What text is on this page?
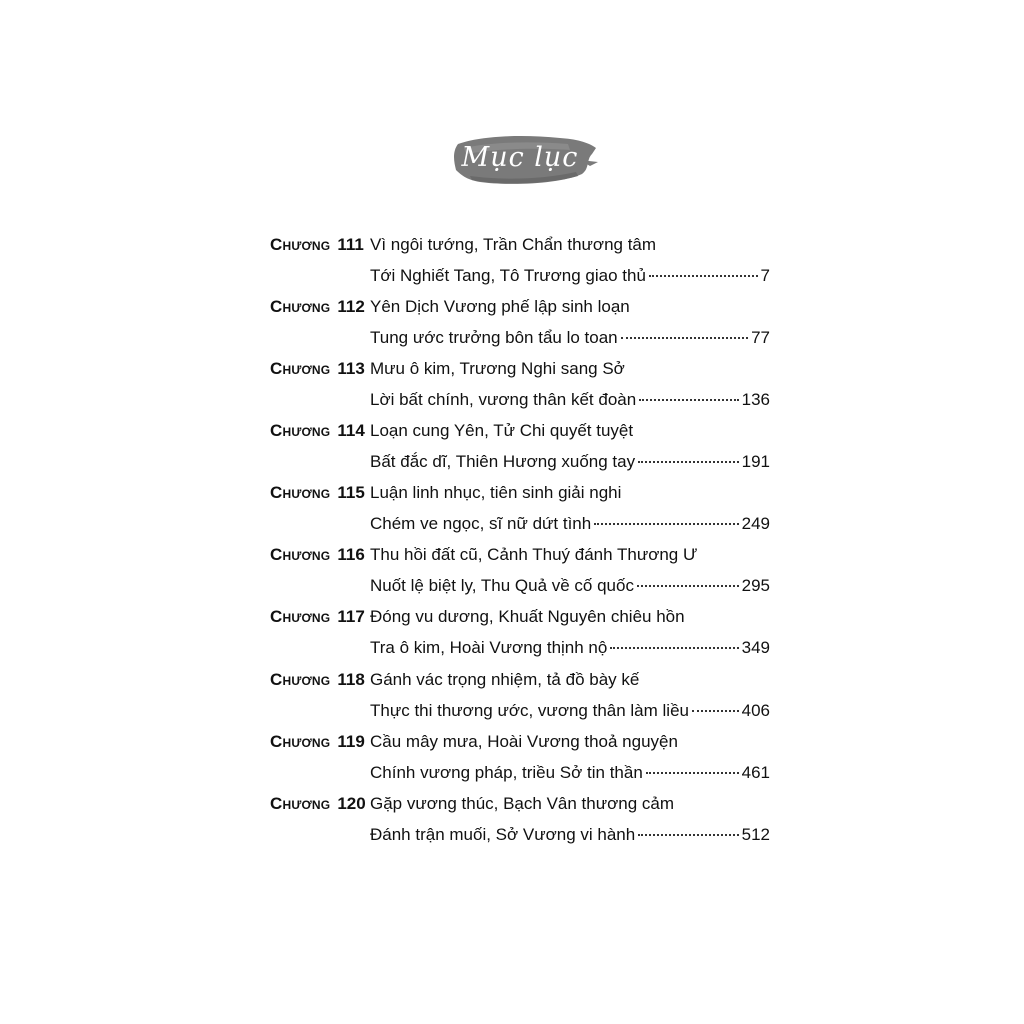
Mục lục
Chương 111 Vì ngôi tướng, Trần Chẩn thương tâm
Tới Nghiết Tang, Tô Trương giao thủ	7
Chương 112 Yên Dịch Vương phế lập sinh loạn
Tung ước trưởng bôn tẩu lo toan	77
Chương 113 Mưu ô kim, Trương Nghi sang Sở
Lời bất chính, vương thân kết đoàn	136
Chương 114 Loạn cung Yên, Tử Chi quyết tuyệt
Bất đắc dĩ, Thiên Hương xuống tay	191
Chương 115 Luận linh nhục, tiên sinh giải nghi
Chém ve ngọc, sĩ nữ dứt tình	249
Chương 116 Thu hồi đất cũ, Cảnh Thuý đánh Thương Ư
Nuốt lệ biệt ly, Thu Quả về cố quốc	295
Chương 117 Đóng vu dương, Khuất Nguyên chiêu hồn
Tra ô kim, Hoài Vương thịnh nộ	349
Chương 118 Gánh vác trọng nhiệm, tả đồ bày kế
Thực thi thương ước, vương thân làm liều	406
Chương 119 Cầu mây mưa, Hoài Vương thoả nguyện
Chính vương pháp, triều Sở tin thần	461
Chương 120 Gặp vương thúc, Bạch Vân thương cảm
Đánh trận muối, Sở Vương vi hành	512
